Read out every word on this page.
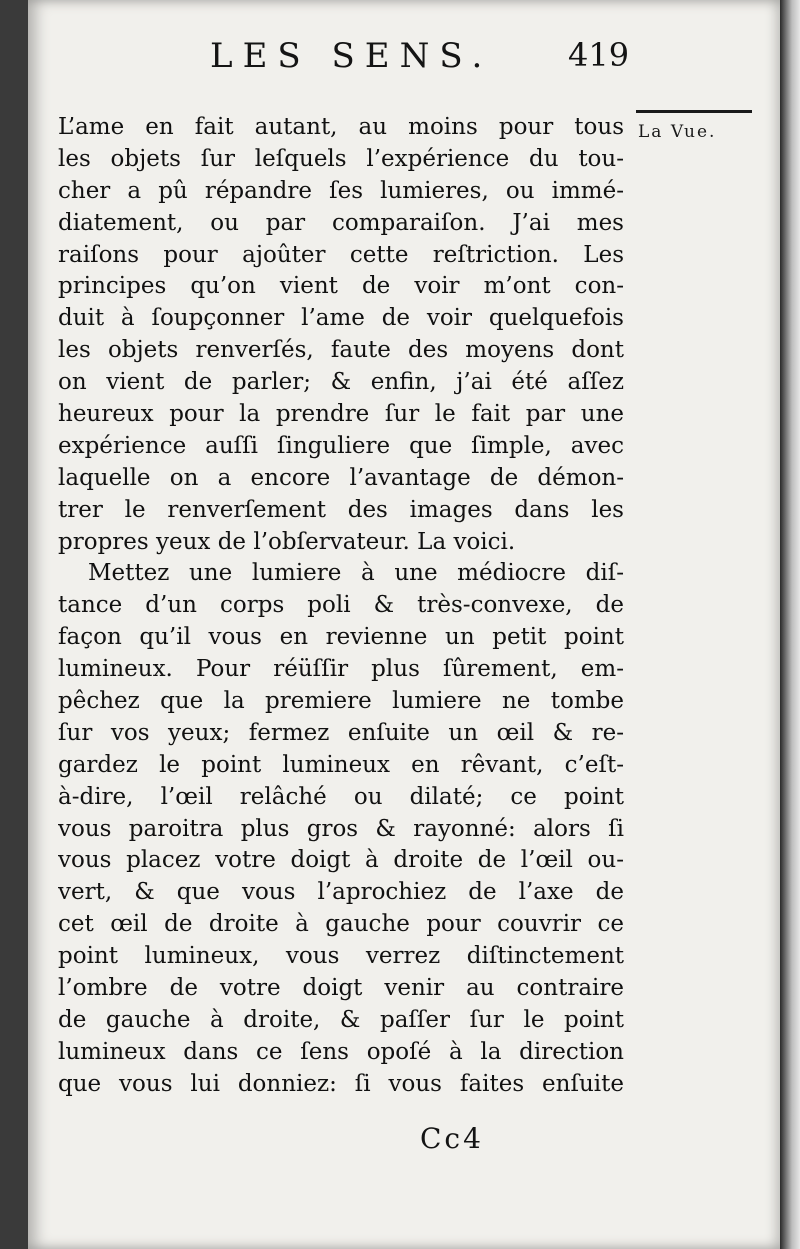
LES SENS. 419
La Vue.
L’ame en fait autant, au moins pour tous
les objets ſur leſquels l’expérience du tou-
cher a pû répandre ſes lumieres, ou immé-
diatement, ou par comparaiſon. J’ai mes
raiſons pour ajoûter cette reſtriction. Les
principes qu’on vient de voir m’ont con-
duit à ſoupçonner l’ame de voir quelquefois
les objets renverſés, faute des moyens dont
on vient de parler; & enfin, j’ai été aſſez
heureux pour la prendre ſur le fait par une
expérience auſſi ſinguliere que ſimple, avec
laquelle on a encore l’avantage de démon-
trer le renverſement des images dans les
propres yeux de l’obſervateur. La voici.
Mettez une lumiere à une médiocre diſ-
tance d’un corps poli & très-convexe, de
façon qu’il vous en revienne un petit point
lumineux. Pour réüſſir plus ſûrement, em-
pêchez que la premiere lumiere ne tombe
ſur vos yeux; fermez enſuite un œil & re-
gardez le point lumineux en rêvant, c’eſt-
à-dire, l’œil relâché ou dilaté; ce point
vous paroitra plus gros & rayonné: alors ſi
vous placez votre doigt à droite de l’œil ou-
vert, & que vous l’aprochiez de l’axe de
cet œil de droite à gauche pour couvrir ce
point lumineux, vous verrez diſtinctement
l’ombre de votre doigt venir au contraire
de gauche à droite, & paſſer ſur le point
lumineux dans ce ſens opoſé à la direction
que vous lui donniez: ſi vous faites enſuite
Cc4
